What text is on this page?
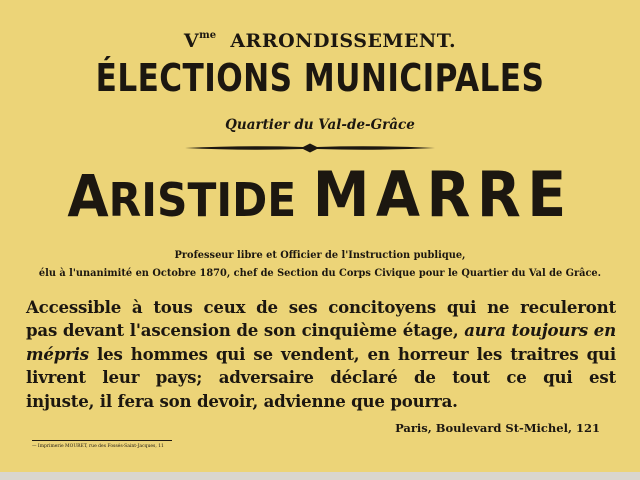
$V^{me}$ ARRONDISSEMENT.
ÉLECTIONS MUNICIPALES
Quartier du Val-de-Grâce
ARISTIDE MARRE
Professeur libre et Officier de l'Instruction publique,
élu à l'unanimité en Octobre 1870, chef de Section du Corps Civique pour le Quartier du Val de Grâce.
Accessible à tous ceux de ses concitoyens qui ne reculeront
pas devant l'ascension de son cinquième étage, aura toujours en
mépris les hommes qui se vendent, en horreur les traitres qui
livrent leur pays; adversaire déclaré de tout ce qui est
injuste, il fera son devoir, advienne que pourra.
Paris, Boulevard St-Michel, 121
— Imprimerie MOURET, rue des Fossés-Saint-Jacques, 11
